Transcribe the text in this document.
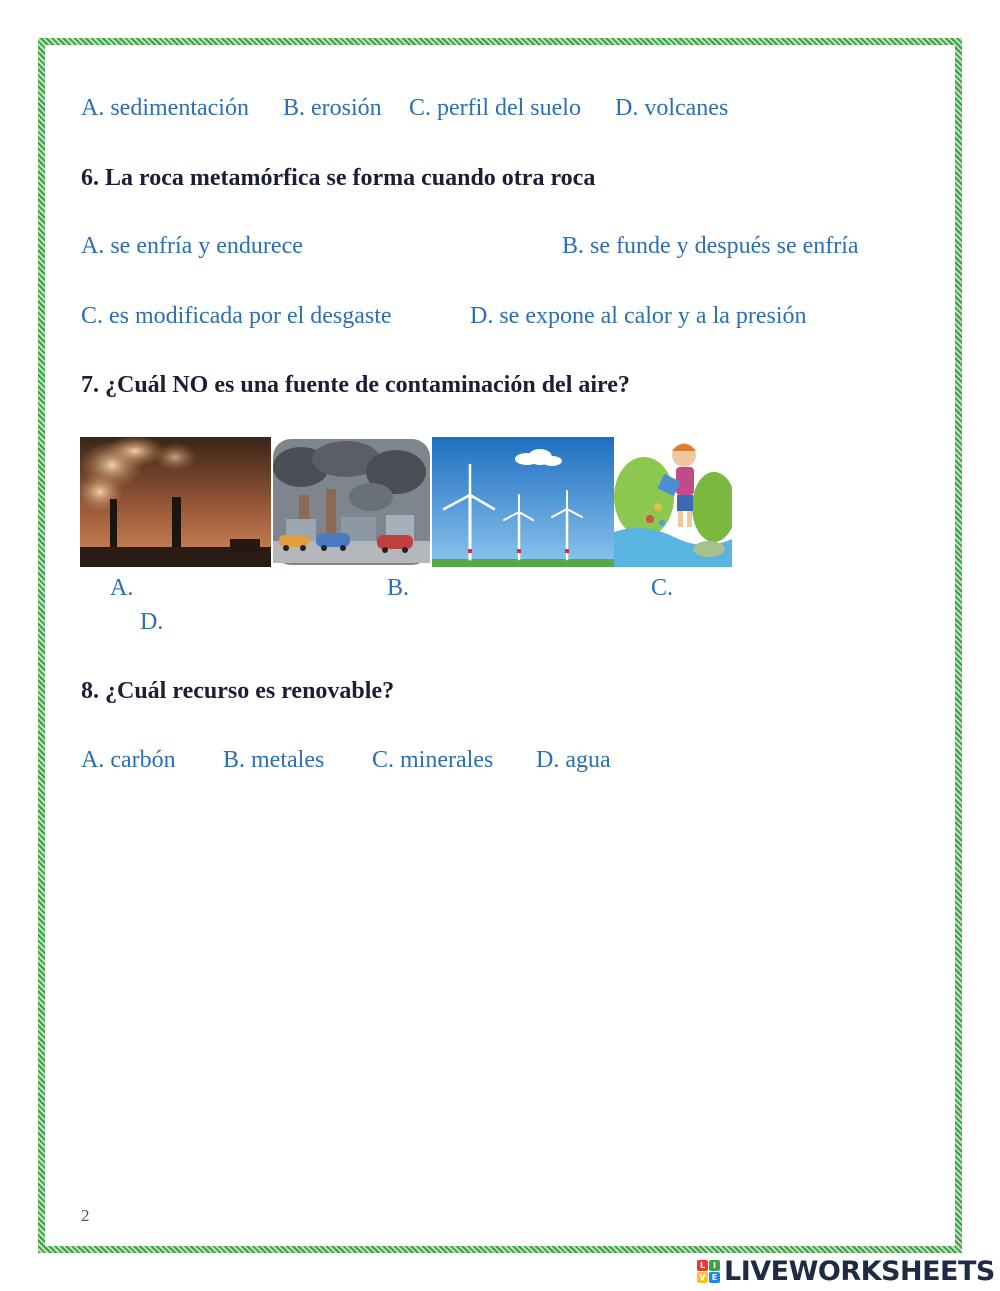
A. sedimentación B. erosión C. perfil del suelo D. volcanes
6. La roca metamórfica se forma cuando otra roca
A. se enfría y endurece	B. se funde y después se enfría
C. es modificada por el desgaste	D. se expone al calor y a la presión
7. ¿Cuál NO es una fuente de contaminación del aire?
A.	B.	C.
D.
8. ¿Cuál recurso es renovable?
A. carbón B. metales C. minerales D. agua
2
L I
V E LIVEWORKSHEETS
